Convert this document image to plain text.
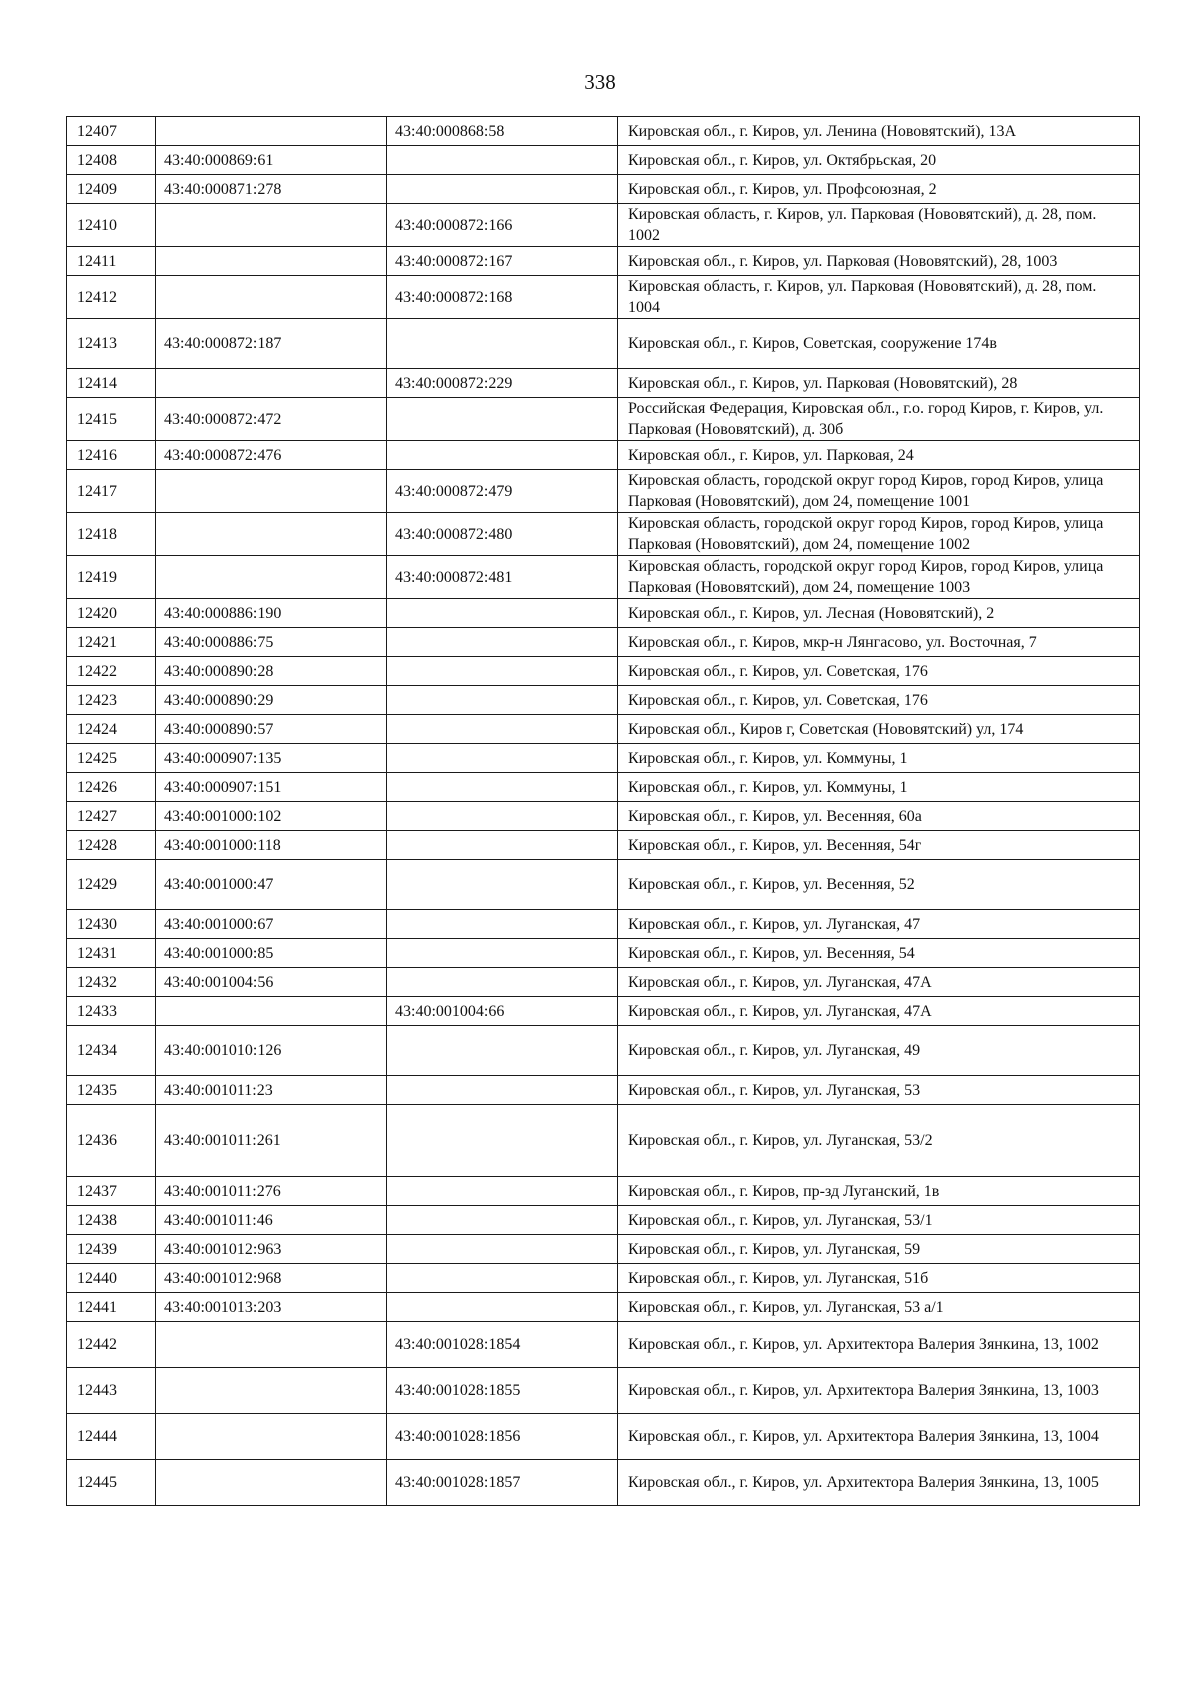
338
12407		43:40:000868:58	Кировская обл., г. Киров, ул. Ленина (Нововятский), 13А
12408	43:40:000869:61		Кировская обл., г. Киров, ул. Октябрьская, 20
12409	43:40:000871:278		Кировская обл., г. Киров, ул. Профсоюзная, 2
12410		43:40:000872:166	Кировская область, г. Киров, ул. Парковая (Нововятский), д. 28, пом. 1002
12411		43:40:000872:167	Кировская обл., г. Киров, ул. Парковая (Нововятский), 28, 1003
12412		43:40:000872:168	Кировская область, г. Киров, ул. Парковая (Нововятский), д. 28, пом. 1004
12413	43:40:000872:187		Кировская обл., г. Киров, Советская, сооружение 174в
12414		43:40:000872:229	Кировская обл., г. Киров, ул. Парковая (Нововятский), 28
12415	43:40:000872:472		Российская Федерация, Кировская обл., г.о. город Киров, г. Киров, ул. Парковая (Нововятский), д. 30б
12416	43:40:000872:476		Кировская обл., г. Киров, ул. Парковая, 24
12417		43:40:000872:479	Кировская область, городской округ город Киров, город Киров, улица Парковая (Нововятский), дом 24, помещение 1001
12418		43:40:000872:480	Кировская область, городской округ город Киров, город Киров, улица Парковая (Нововятский), дом 24, помещение 1002
12419		43:40:000872:481	Кировская область, городской округ город Киров, город Киров, улица Парковая (Нововятский), дом 24, помещение 1003
12420	43:40:000886:190		Кировская обл., г. Киров, ул. Лесная (Нововятский), 2
12421	43:40:000886:75		Кировская обл., г. Киров, мкр-н Лянгасово, ул. Восточная, 7
12422	43:40:000890:28		Кировская обл., г. Киров, ул. Советская, 176
12423	43:40:000890:29		Кировская обл., г. Киров, ул. Советская, 176
12424	43:40:000890:57		Кировская обл., Киров г, Советская (Нововятский) ул, 174
12425	43:40:000907:135		Кировская обл., г. Киров, ул. Коммуны, 1
12426	43:40:000907:151		Кировская обл., г. Киров, ул. Коммуны, 1
12427	43:40:001000:102		Кировская обл., г. Киров, ул. Весенняя, 60а
12428	43:40:001000:118		Кировская обл., г. Киров, ул. Весенняя, 54г
12429	43:40:001000:47		Кировская обл., г. Киров, ул. Весенняя, 52
12430	43:40:001000:67		Кировская обл., г. Киров, ул. Луганская, 47
12431	43:40:001000:85		Кировская обл., г. Киров, ул. Весенняя, 54
12432	43:40:001004:56		Кировская обл., г. Киров, ул. Луганская, 47А
12433		43:40:001004:66	Кировская обл., г. Киров, ул. Луганская, 47А
12434	43:40:001010:126		Кировская обл., г. Киров, ул. Луганская, 49
12435	43:40:001011:23		Кировская обл., г. Киров, ул. Луганская, 53
12436	43:40:001011:261		Кировская обл., г. Киров, ул. Луганская, 53/2
12437	43:40:001011:276		Кировская обл., г. Киров, пр-зд Луганский, 1в
12438	43:40:001011:46		Кировская обл., г. Киров, ул. Луганская, 53/1
12439	43:40:001012:963		Кировская обл., г. Киров, ул. Луганская, 59
12440	43:40:001012:968		Кировская обл., г. Киров, ул. Луганская, 51б
12441	43:40:001013:203		Кировская обл., г. Киров, ул. Луганская, 53 а/1
12442		43:40:001028:1854	Кировская обл., г. Киров, ул. Архитектора Валерия Зянкина, 13, 1002
12443		43:40:001028:1855	Кировская обл., г. Киров, ул. Архитектора Валерия Зянкина, 13, 1003
12444		43:40:001028:1856	Кировская обл., г. Киров, ул. Архитектора Валерия Зянкина, 13, 1004
12445		43:40:001028:1857	Кировская обл., г. Киров, ул. Архитектора Валерия Зянкина, 13, 1005
